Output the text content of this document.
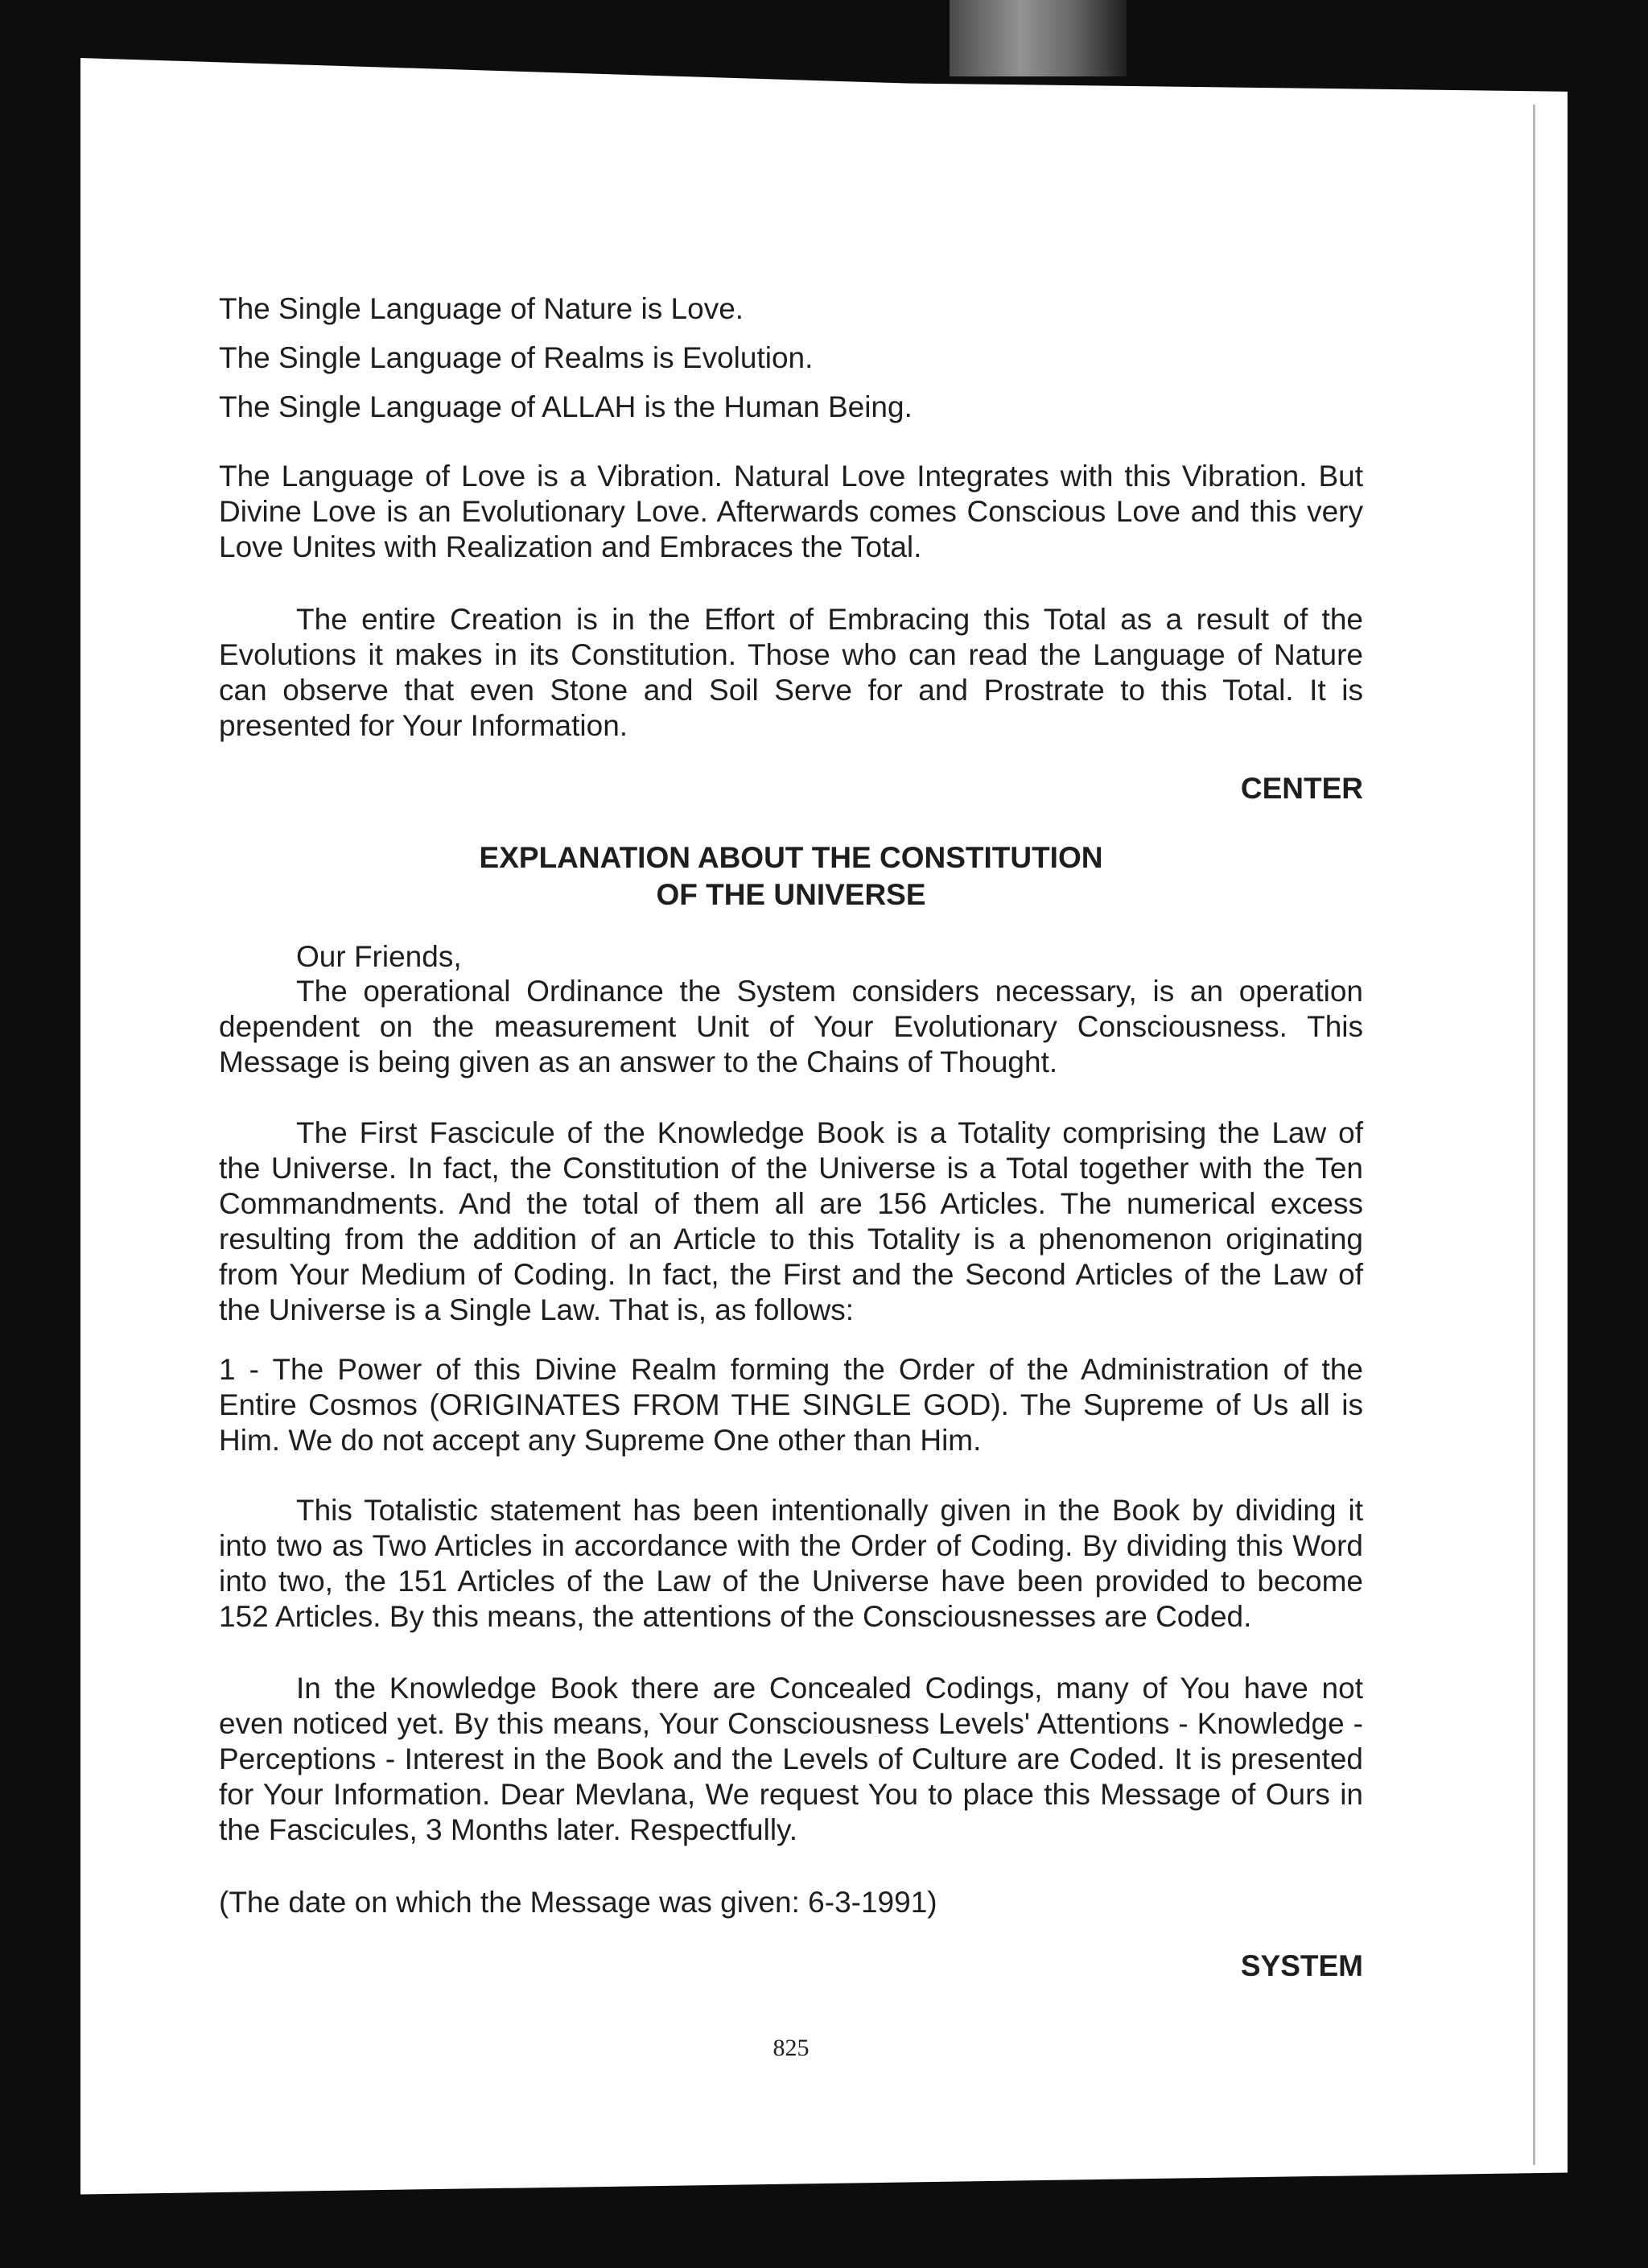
The Single Language of Nature is Love.

The Single Language of Realms is Evolution.

The Single Language of ALLAH is the Human Being.

The Language of Love is a Vibration. Natural Love Integrates with this Vibration. But Divine Love is an Evolutionary Love. Afterwards comes Conscious Love and this very Love Unites with Realization and Embraces the Total.

The entire Creation is in the Effort of Embracing this Total as a result of the Evolutions it makes in its Constitution. Those who can read the Language of Nature can observe that even Stone and Soil Serve for and Prostrate to this Total. It is presented for Your Information.

CENTER

EXPLANATION ABOUT THE CONSTITUTION

OF THE UNIVERSE

Our Friends,

The operational Ordinance the System considers necessary, is an operation dependent on the measurement Unit of Your Evolutionary Consciousness. This Message is being given as an answer to the Chains of Thought.

The First Fascicule of the Knowledge Book is a Totality comprising the Law of the Universe. In fact, the Constitution of the Universe is a Total together with the Ten Commandments. And the total of them all are 156 Articles. The numerical excess resulting from the addition of an Article to this Totality is a phenomenon originating from Your Medium of Coding. In fact, the First and the Second Articles of the Law of the Universe is a Single Law. That is, as follows:

1 - The Power of this Divine Realm forming the Order of the Administration of the Entire Cosmos (ORIGINATES FROM THE SINGLE GOD). The Supreme of Us all is Him. We do not accept any Supreme One other than Him.

This Totalistic statement has been intentionally given in the Book by dividing it into two as Two Articles in accordance with the Order of Coding. By dividing this Word into two, the 151 Articles of the Law of the Universe have been provided to become 152 Articles. By this means, the attentions of the Consciousnesses are Coded.

In the Knowledge Book there are Concealed Codings, many of You have not even noticed yet. By this means, Your Consciousness Levels' Attentions - Knowledge - Perceptions - Interest in the Book and the Levels of Culture are Coded. It is presented for Your Information. Dear Mevlana, We request You to place this Message of Ours in the Fascicules, 3 Months later. Respectfully.

(The date on which the Message was given: 6-3-1991)

SYSTEM
825
